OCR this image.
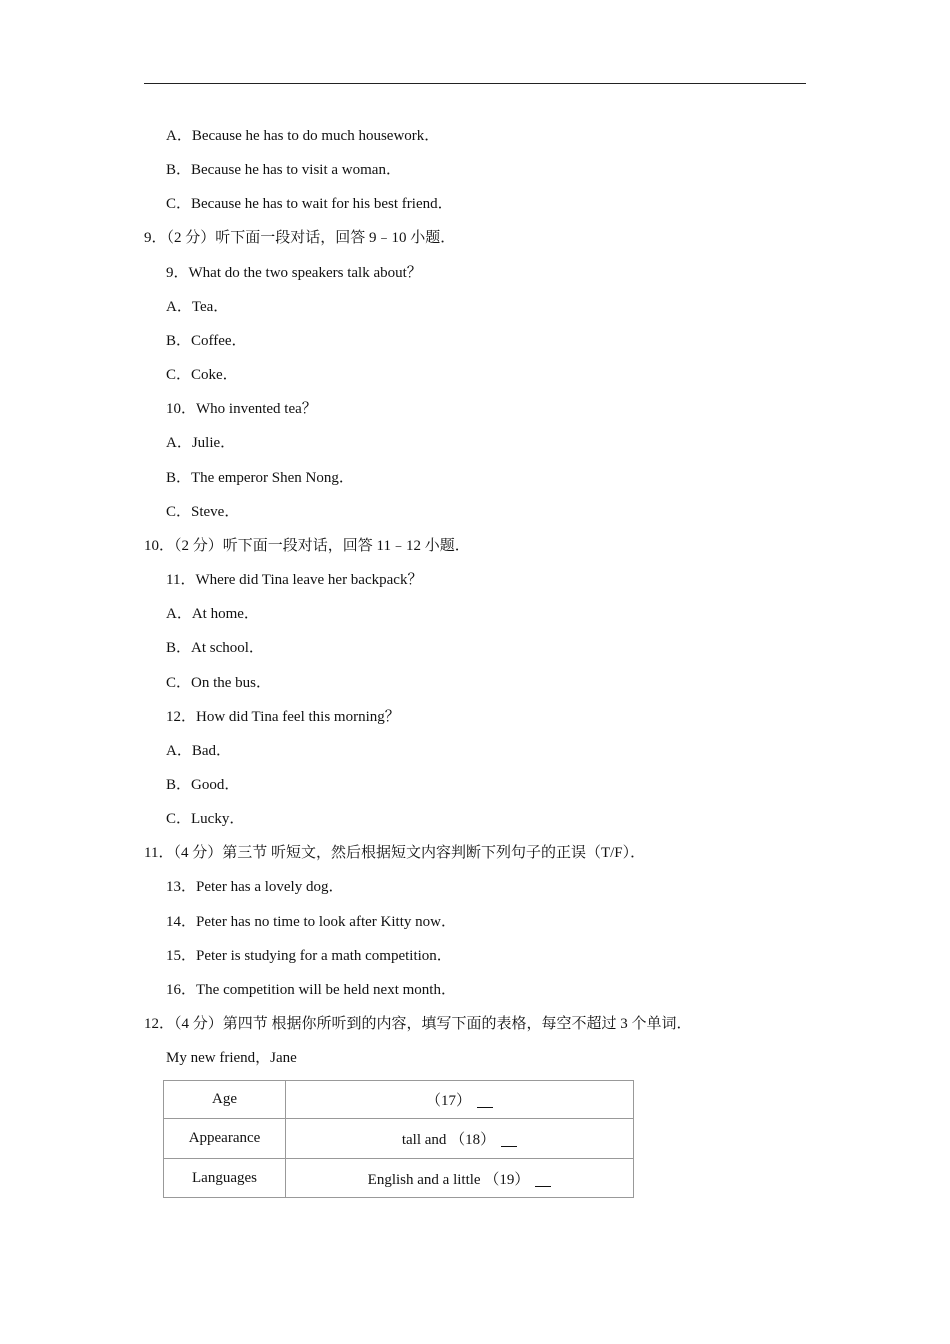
A．Because he has to do much housework．
B．Because he has to visit a woman．
C．Because he has to wait for his best friend．
9．（2 分）听下面一段对话，回答 9﹣10 小题．
9．What do the two speakers talk about？
A．Tea．
B．Coffee．
C．Coke．
10．Who invented tea？
A．Julie．
B．The emperor Shen Nong．
C．Steve．
10．（2 分）听下面一段对话，回答 11﹣12 小题．
11．Where did Tina leave her backpack？
A．At home．
B．At school．
C．On the bus．
12．How did Tina feel this morning？
A．Bad．
B．Good．
C．Lucky．
11．（4 分）第三节 听短文，然后根据短文内容判断下列句子的正误（T/F）．
13．Peter has a lovely dog．
14．Peter has no time to look after Kitty now．
15．Peter is studying for a math competition．
16．The competition will be held next month．
12．（4 分）第四节 根据你所听到的内容，填写下面的表格，每空不超过 3 个单词．
My new friend，Jane
Age	（17）
Appearance	tall and （18）
Languages	English and a little （19）
